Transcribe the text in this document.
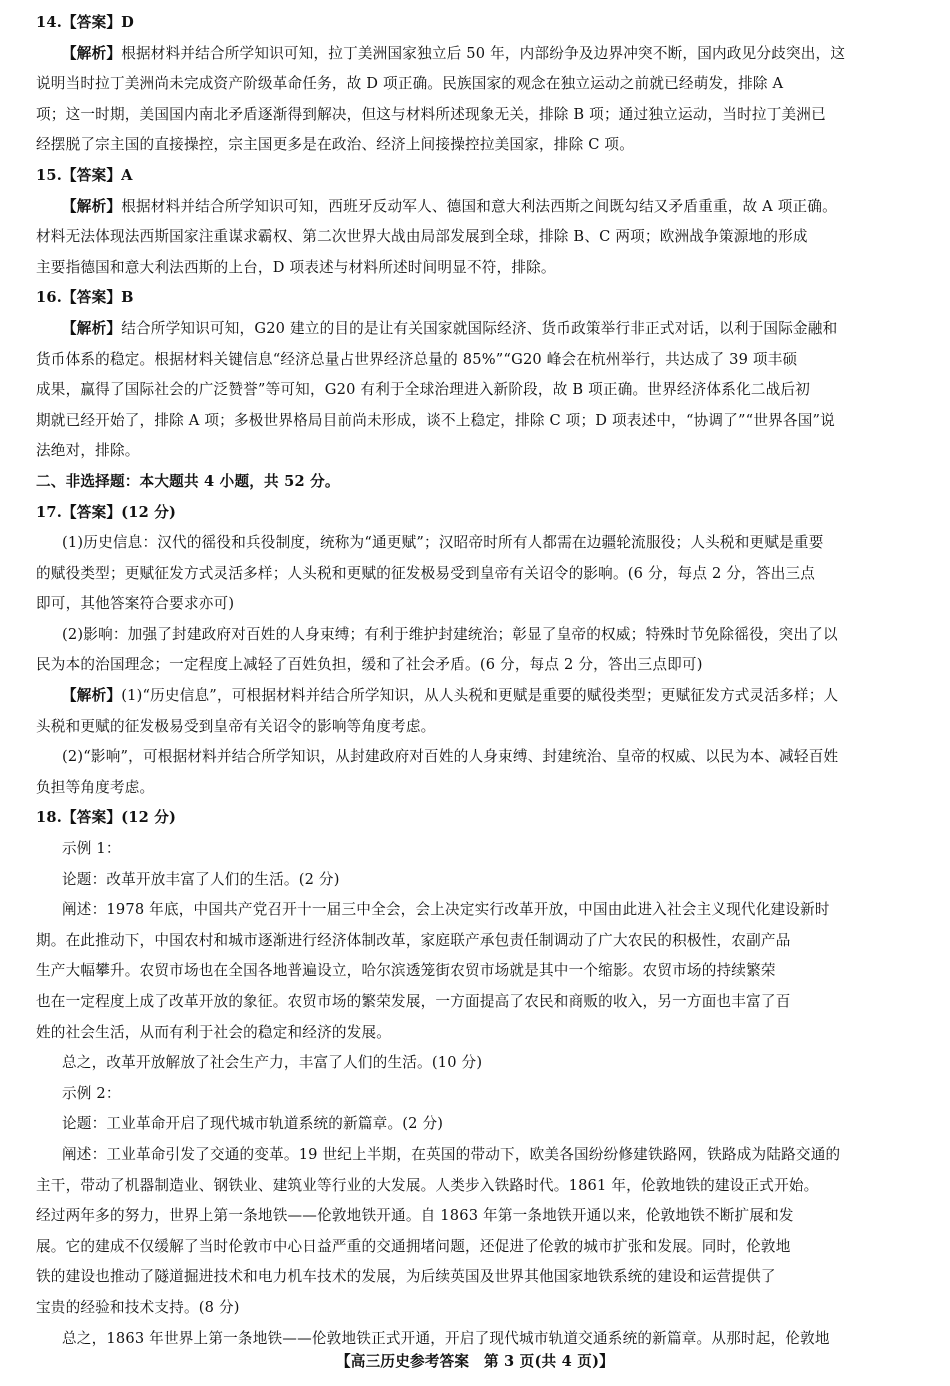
14.【答案】D
【解析】根据材料并结合所学知识可知，拉丁美洲国家独立后 50 年，内部纷争及边界冲突不断，国内政见分歧突出，这
说明当时拉丁美洲尚未完成资产阶级革命任务，故 D 项正确。民族国家的观念在独立运动之前就已经萌发，排除 A
项；这一时期，美国国内南北矛盾逐渐得到解决，但这与材料所述现象无关，排除 B 项；通过独立运动，当时拉丁美洲已
经摆脱了宗主国的直接操控，宗主国更多是在政治、经济上间接操控拉美国家，排除 C 项。
15.【答案】A
【解析】根据材料并结合所学知识可知，西班牙反动军人、德国和意大利法西斯之间既勾结又矛盾重重，故 A 项正确。
材料无法体现法西斯国家注重谋求霸权、第二次世界大战由局部发展到全球，排除 B、C 两项；欧洲战争策源地的形成
主要指德国和意大利法西斯的上台，D 项表述与材料所述时间明显不符，排除。
16.【答案】B
【解析】结合所学知识可知，G20 建立的目的是让有关国家就国际经济、货币政策举行非正式对话，以利于国际金融和
货币体系的稳定。根据材料关键信息“经济总量占世界经济总量的 85%”“G20 峰会在杭州举行，共达成了 39 项丰硕
成果，赢得了国际社会的广泛赞誉”等可知，G20 有利于全球治理进入新阶段，故 B 项正确。世界经济体系化二战后初
期就已经开始了，排除 A 项；多极世界格局目前尚未形成，谈不上稳定，排除 C 项；D 项表述中，“协调了”“世界各国”说
法绝对，排除。
二、非选择题：本大题共 4 小题，共 52 分。
17.【答案】(12 分)
(1)历史信息：汉代的徭役和兵役制度，统称为“通更赋”；汉昭帝时所有人都需在边疆轮流服役；人头税和更赋是重要
的赋役类型；更赋征发方式灵活多样；人头税和更赋的征发极易受到皇帝有关诏令的影响。(6 分，每点 2 分，答出三点
即可，其他答案符合要求亦可)
(2)影响：加强了封建政府对百姓的人身束缚；有利于维护封建统治；彰显了皇帝的权威；特殊时节免除徭役，突出了以
民为本的治国理念；一定程度上减轻了百姓负担，缓和了社会矛盾。(6 分，每点 2 分，答出三点即可)
【解析】(1)“历史信息”，可根据材料并结合所学知识，从人头税和更赋是重要的赋役类型；更赋征发方式灵活多样；人
头税和更赋的征发极易受到皇帝有关诏令的影响等角度考虑。
(2)“影响”，可根据材料并结合所学知识，从封建政府对百姓的人身束缚、封建统治、皇帝的权威、以民为本、减轻百姓
负担等角度考虑。
18.【答案】(12 分)
示例 1：
论题：改革开放丰富了人们的生活。(2 分)
阐述：1978 年底，中国共产党召开十一届三中全会，会上决定实行改革开放，中国由此进入社会主义现代化建设新时
期。在此推动下，中国农村和城市逐渐进行经济体制改革，家庭联产承包责任制调动了广大农民的积极性，农副产品
生产大幅攀升。农贸市场也在全国各地普遍设立，哈尔滨透笼街农贸市场就是其中一个缩影。农贸市场的持续繁荣
也在一定程度上成了改革开放的象征。农贸市场的繁荣发展，一方面提高了农民和商贩的收入，另一方面也丰富了百
姓的社会生活，从而有利于社会的稳定和经济的发展。
总之，改革开放解放了社会生产力，丰富了人们的生活。(10 分)
示例 2：
论题：工业革命开启了现代城市轨道系统的新篇章。(2 分)
阐述：工业革命引发了交通的变革。19 世纪上半期，在英国的带动下，欧美各国纷纷修建铁路网，铁路成为陆路交通的
主干，带动了机器制造业、钢铁业、建筑业等行业的大发展。人类步入铁路时代。1861 年，伦敦地铁的建设正式开始。
经过两年多的努力，世界上第一条地铁——伦敦地铁开通。自 1863 年第一条地铁开通以来，伦敦地铁不断扩展和发
展。它的建成不仅缓解了当时伦敦市中心日益严重的交通拥堵问题，还促进了伦敦的城市扩张和发展。同时，伦敦地
铁的建设也推动了隧道掘进技术和电力机车技术的发展，为后续英国及世界其他国家地铁系统的建设和运营提供了
宝贵的经验和技术支持。(8 分)
总之，1863 年世界上第一条地铁——伦敦地铁正式开通，开启了现代城市轨道交通系统的新篇章。从那时起，伦敦地
【高三历史参考答案　第 3 页(共 4 页)】
